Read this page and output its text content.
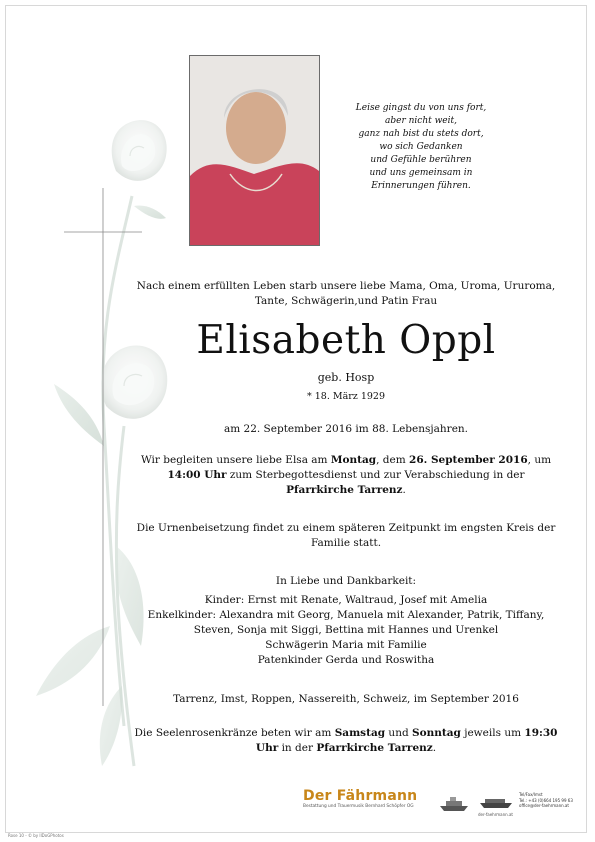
Leise gingst du von uns fort,
aber nicht weit,
ganz nah bist du stets dort,
wo sich Gedanken
und Gefühle berühren
und uns gemeinsam in
Erinnerungen führen.

Nach einem erfüllten Leben starb unsere liebe Mama, Oma, Uroma, Ururoma,

Tante, Schwägerin,und Patin Frau

Elisabeth Oppl

geb. Hosp

* 18. März 1929

am 22. September 2016 im 88. Lebensjahren.

Wir begleiten unsere liebe Elsa am Montag, dem 26. September 2016, um

14:00 Uhr zum Sterbegottesdienst und zur Verabschiedung in der

Pfarrkirche Tarrenz.

Die Urnenbeisetzung findet zu einem späteren Zeitpunkt im engsten Kreis der

Familie statt.

In Liebe und Dankbarkeit:

Kinder: Ernst mit Renate, Waltraud, Josef mit Amelia

Enkelkinder: Alexandra mit Georg, Manuela mit Alexander, Patrik, Tiffany,

Steven, Sonja mit Siggi, Bettina mit Hannes und Urenkel

Schwägerin Maria mit Familie

Patenkinder Gerda und Roswitha

Tarrenz, Imst, Roppen, Nassereith, Schweiz, im September 2016

Die Seelenrosenkränze beten wir am Samstag und Sonntag jeweils um 19:30

Uhr in der Pfarrkirche Tarrenz.

Der Fährmann
Bestattung und Trauermusik Bernhard Schöpfer OG
der-faehrmann.at
Tel/Fax/Imst
Tel.: +43 (0)664 195 99 63
office@der-faehrmann.at
Rose 10 - © by IlDoGPhotos
